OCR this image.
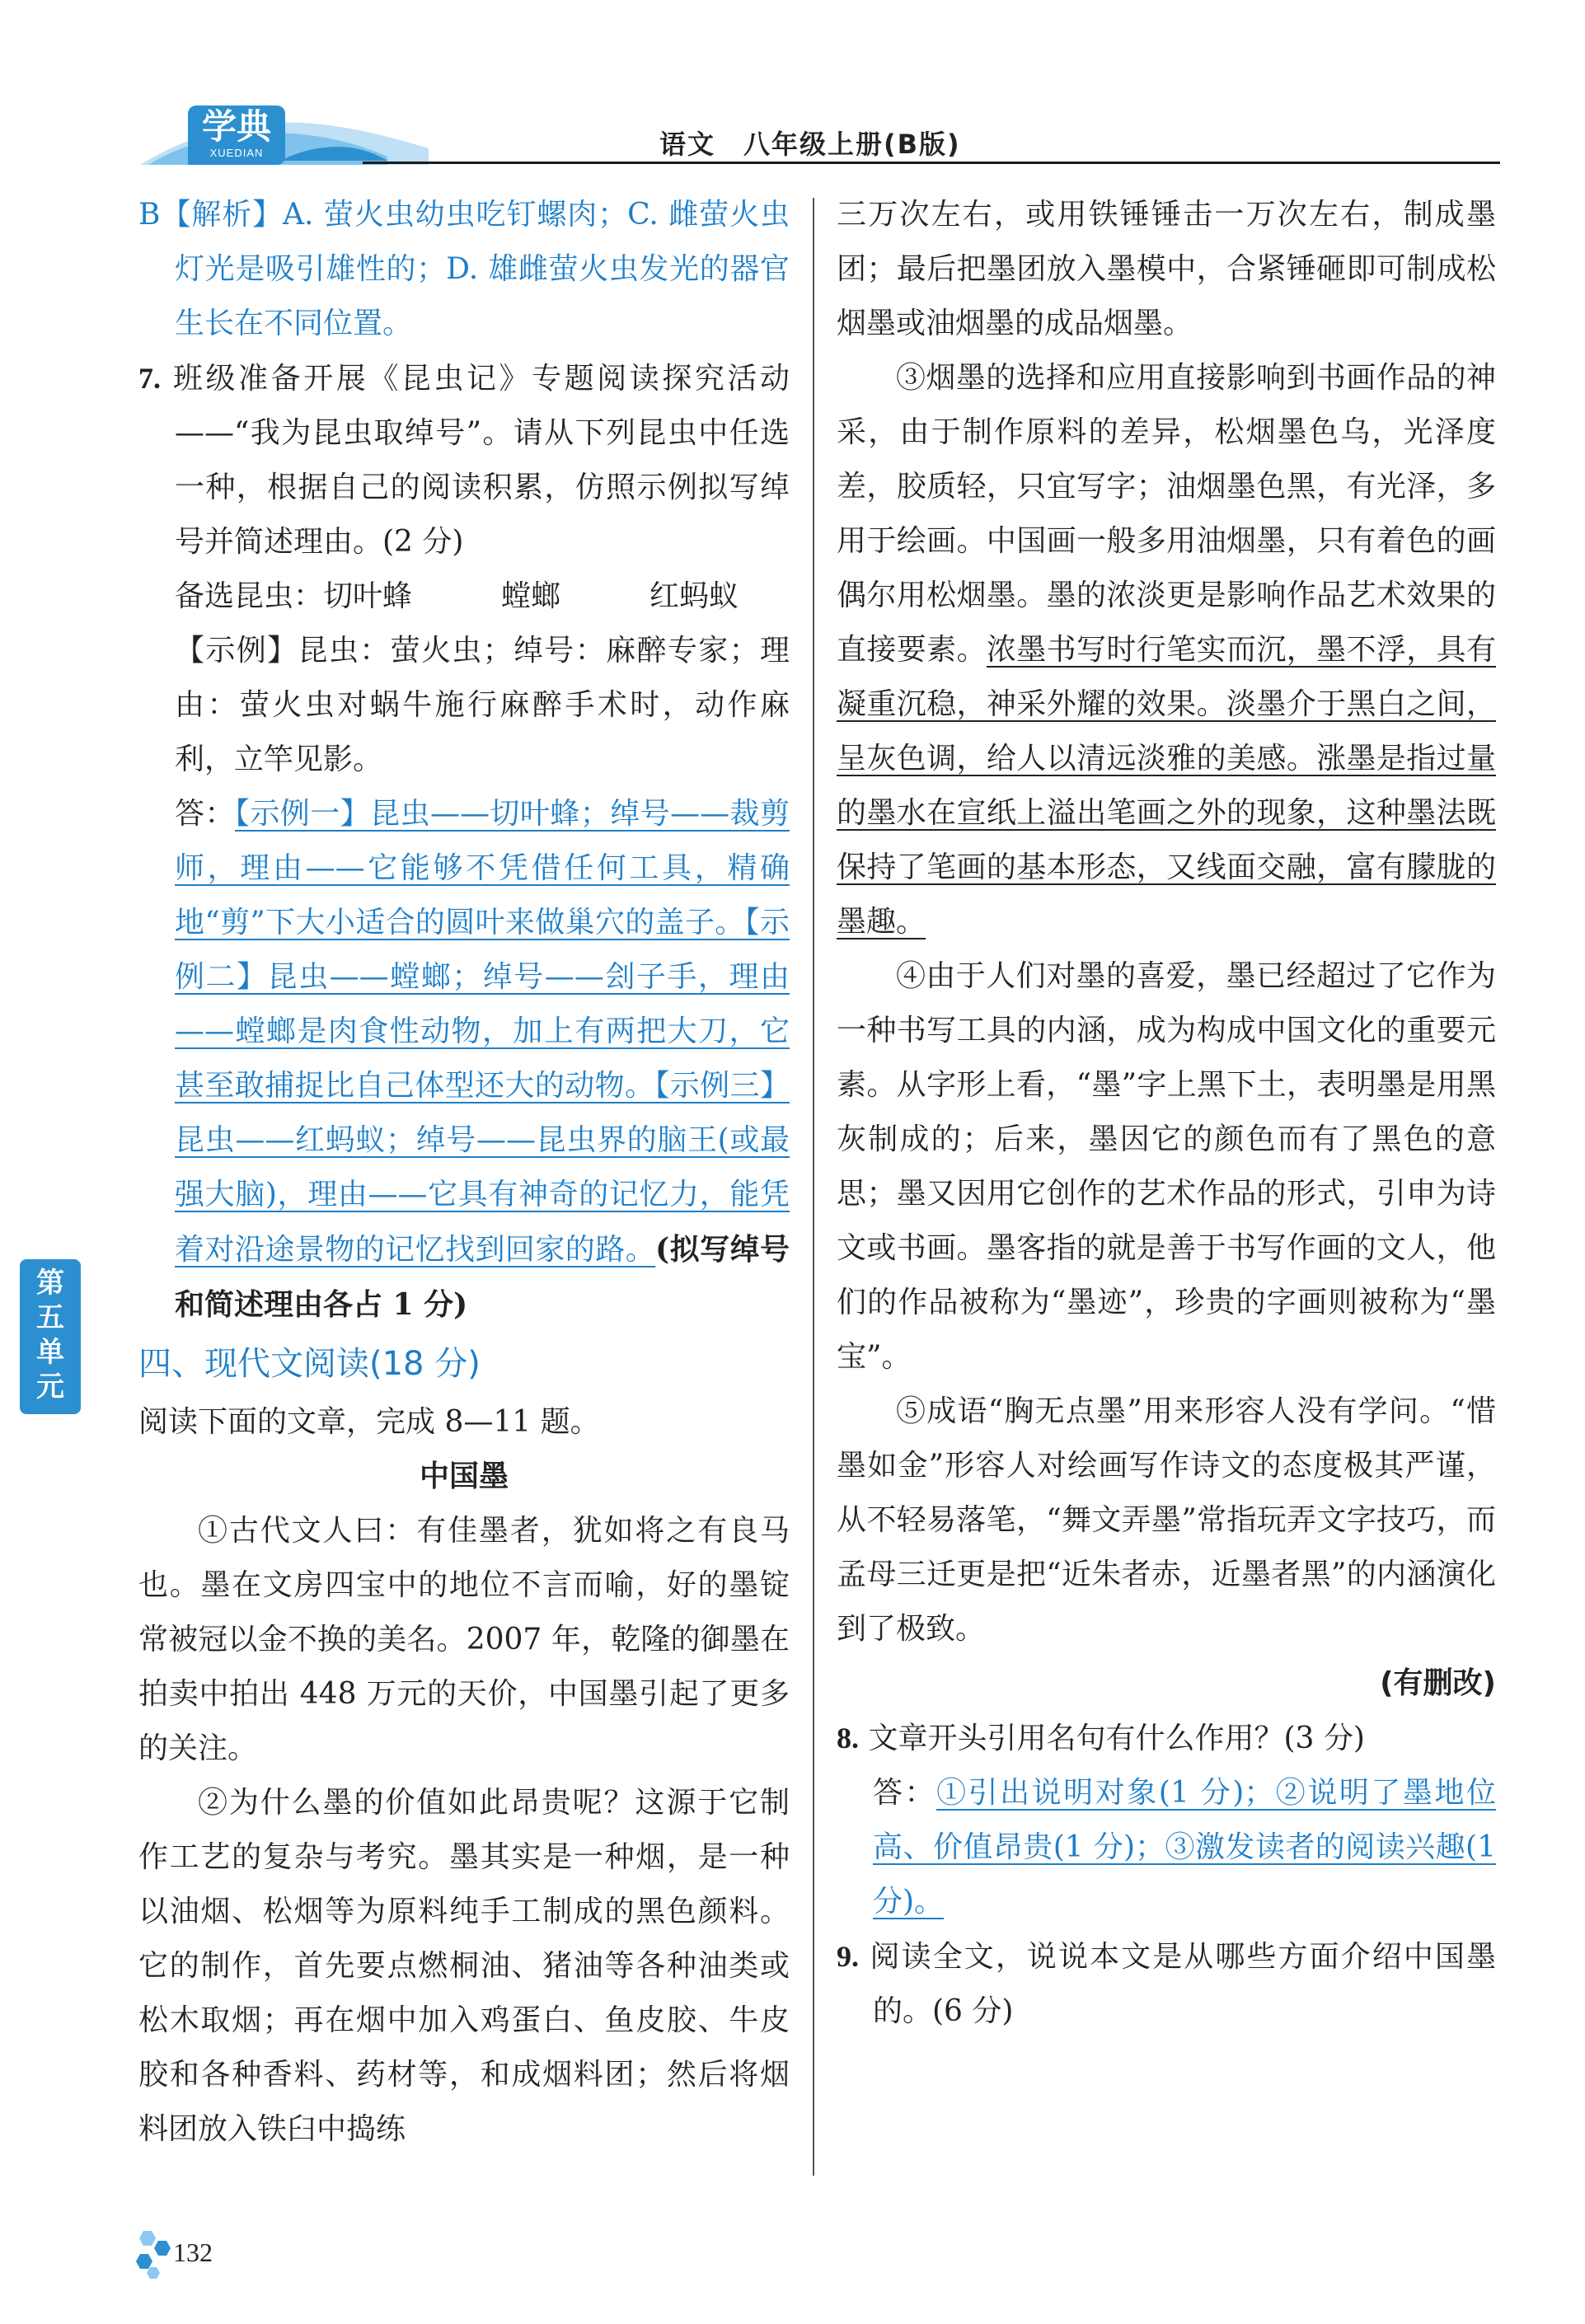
学典
XUEDIAN	语文　八年级上册(B版)

B【解析】A. 萤火虫幼虫吃钉螺肉；C. 雌萤火虫灯光是吸引雄性的；D. 雄雌萤火虫发光的器官生长在不同位置。

7. 班级准备开展《昆虫记》专题阅读探究活动——“我为昆虫取绰号”。请从下列昆虫中任选一种，根据自己的阅读积累，仿照示例拟写绰号并简述理由。(2 分)

备选昆虫：切叶蜂　　　螳螂　　　红蚂蚁

【示例】昆虫：萤火虫；绰号：麻醉专家；理由：萤火虫对蜗牛施行麻醉手术时，动作麻利，立竿见影。

答：【示例一】昆虫——切叶蜂；绰号——裁剪师，理由——它能够不凭借任何工具，精确地“剪”下大小适合的圆叶来做巢穴的盖子。【示例二】昆虫——螳螂；绰号——刽子手，理由——螳螂是肉食性动物，加上有两把大刀，它甚至敢捕捉比自己体型还大的动物。【示例三】昆虫——红蚂蚁；绰号——昆虫界的脑王(或最强大脑)，理由——它具有神奇的记忆力，能凭着对沿途景物的记忆找到回家的路。(拟写绰号和简述理由各占 1 分)

四、现代文阅读(18 分)

阅读下面的文章，完成 8—11 题。

中国墨

①古代文人曰：有佳墨者，犹如将之有良马也。墨在文房四宝中的地位不言而喻，好的墨锭常被冠以金不换的美名。2007 年，乾隆的御墨在拍卖中拍出 448 万元的天价，中国墨引起了更多的关注。

②为什么墨的价值如此昂贵呢？这源于它制作工艺的复杂与考究。墨其实是一种烟，是一种以油烟、松烟等为原料纯手工制成的黑色颜料。它的制作，首先要点燃桐油、猪油等各种油类或松木取烟；再在烟中加入鸡蛋白、鱼皮胶、牛皮胶和各种香料、药材等，和成烟料团；然后将烟料团放入铁臼中捣练

三万次左右，或用铁锤锤击一万次左右，制成墨团；最后把墨团放入墨模中，合紧锤砸即可制成松烟墨或油烟墨的成品烟墨。

③烟墨的选择和应用直接影响到书画作品的神采，由于制作原料的差异，松烟墨色乌，光泽度差，胶质轻，只宜写字；油烟墨色黑，有光泽，多用于绘画。中国画一般多用油烟墨，只有着色的画偶尔用松烟墨。墨的浓淡更是影响作品艺术效果的直接要素。浓墨书写时行笔实而沉，墨不浮，具有凝重沉稳，神采外耀的效果。淡墨介于黑白之间，呈灰色调，给人以清远淡雅的美感。涨墨是指过量的墨水在宣纸上溢出笔画之外的现象，这种墨法既保持了笔画的基本形态，又线面交融，富有朦胧的墨趣。

④由于人们对墨的喜爱，墨已经超过了它作为一种书写工具的内涵，成为构成中国文化的重要元素。从字形上看，“墨”字上黑下土，表明墨是用黑灰制成的；后来，墨因它的颜色而有了黑色的意思；墨又因用它创作的艺术作品的形式，引申为诗文或书画。墨客指的就是善于书写作画的文人，他们的作品被称为“墨迹”，珍贵的字画则被称为“墨宝”。

⑤成语“胸无点墨”用来形容人没有学问。“惜墨如金”形容人对绘画写作诗文的态度极其严谨，从不轻易落笔，“舞文弄墨”常指玩弄文字技巧，而孟母三迁更是把“近朱者赤，近墨者黑”的内涵演化到了极致。

(有删改)

8. 文章开头引用名句有什么作用？(3 分)

答：①引出说明对象(1 分)；②说明了墨地位高、价值昂贵(1 分)；③激发读者的阅读兴趣(1 分)。

9. 阅读全文，说说本文是从哪些方面介绍中国墨的。(6 分)

第
五
单
元
132
